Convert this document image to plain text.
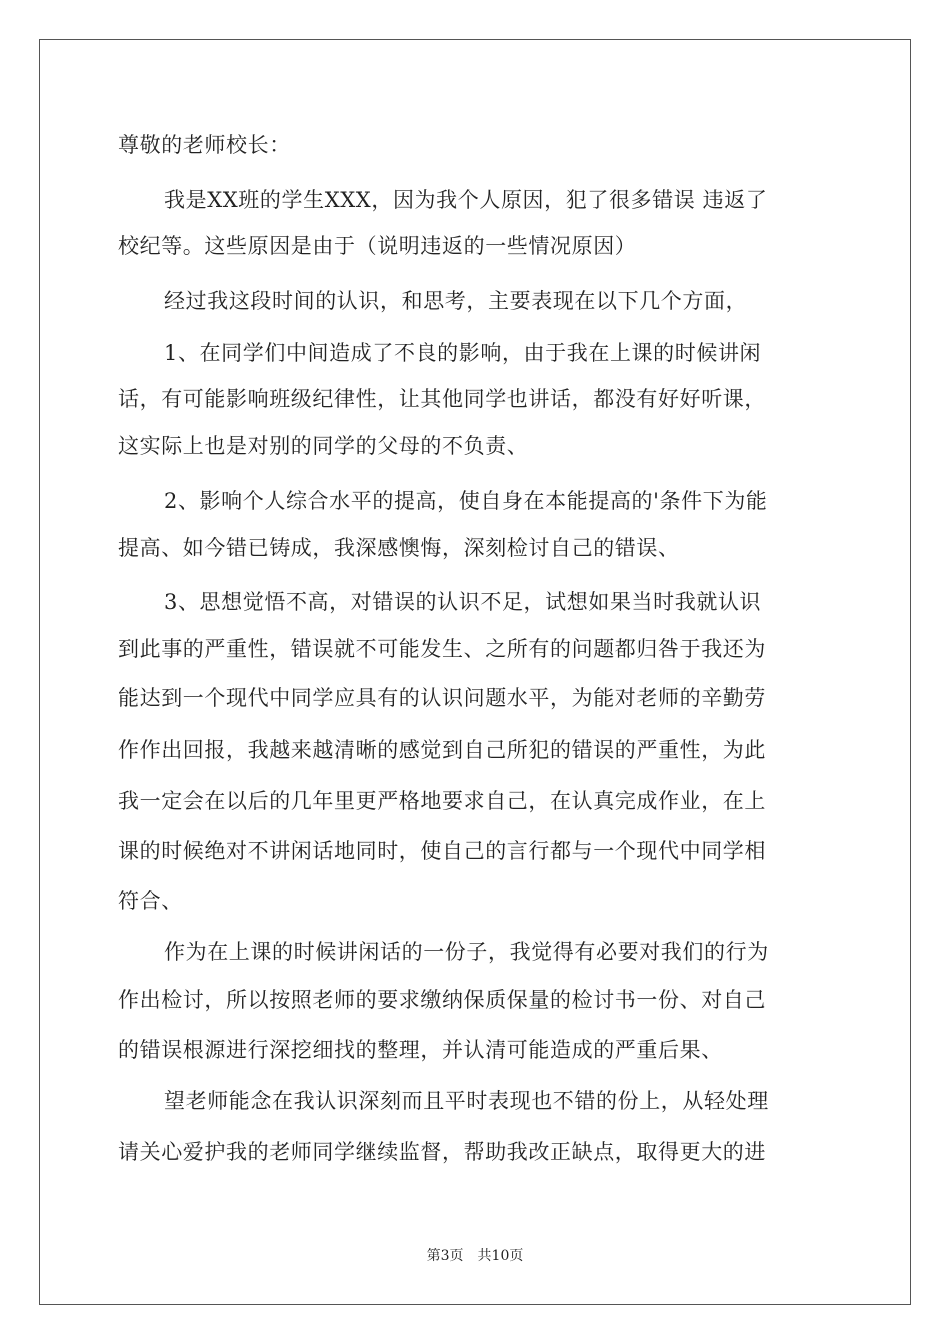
尊敬的老师校长：
我是XX班的学生XXX，因为我个人原因，犯了很多错误 违返了
校纪等。这些原因是由于（说明违返的一些情况原因）
经过我这段时间的认识，和思考，主要表现在以下几个方面，
1、在同学们中间造成了不良的影响，由于我在上课的时候讲闲
话，有可能影响班级纪律性，让其他同学也讲话，都没有好好听课，
这实际上也是对别的同学的父母的不负责、
2、影响个人综合水平的提高，使自身在本能提高的'条件下为能
提高、如今错已铸成，我深感懊悔，深刻检讨自己的错误、
3、思想觉悟不高，对错误的认识不足，试想如果当时我就认识
到此事的严重性，错误就不可能发生、之所有的问题都归咎于我还为
能达到一个现代中同学应具有的认识问题水平，为能对老师的辛勤劳
作作出回报，我越来越清晰的感觉到自己所犯的错误的严重性，为此
我一定会在以后的几年里更严格地要求自己，在认真完成作业，在上
课的时候绝对不讲闲话地同时，使自己的言行都与一个现代中同学相
符合、
作为在上课的时候讲闲话的一份子，我觉得有必要对我们的行为
作出检讨，所以按照老师的要求缴纳保质保量的检讨书一份、对自己
的错误根源进行深挖细找的整理，并认清可能造成的严重后果、
望老师能念在我认识深刻而且平时表现也不错的份上，从轻处理
请关心爱护我的老师同学继续监督，帮助我改正缺点，取得更大的进
第3页 共10页
